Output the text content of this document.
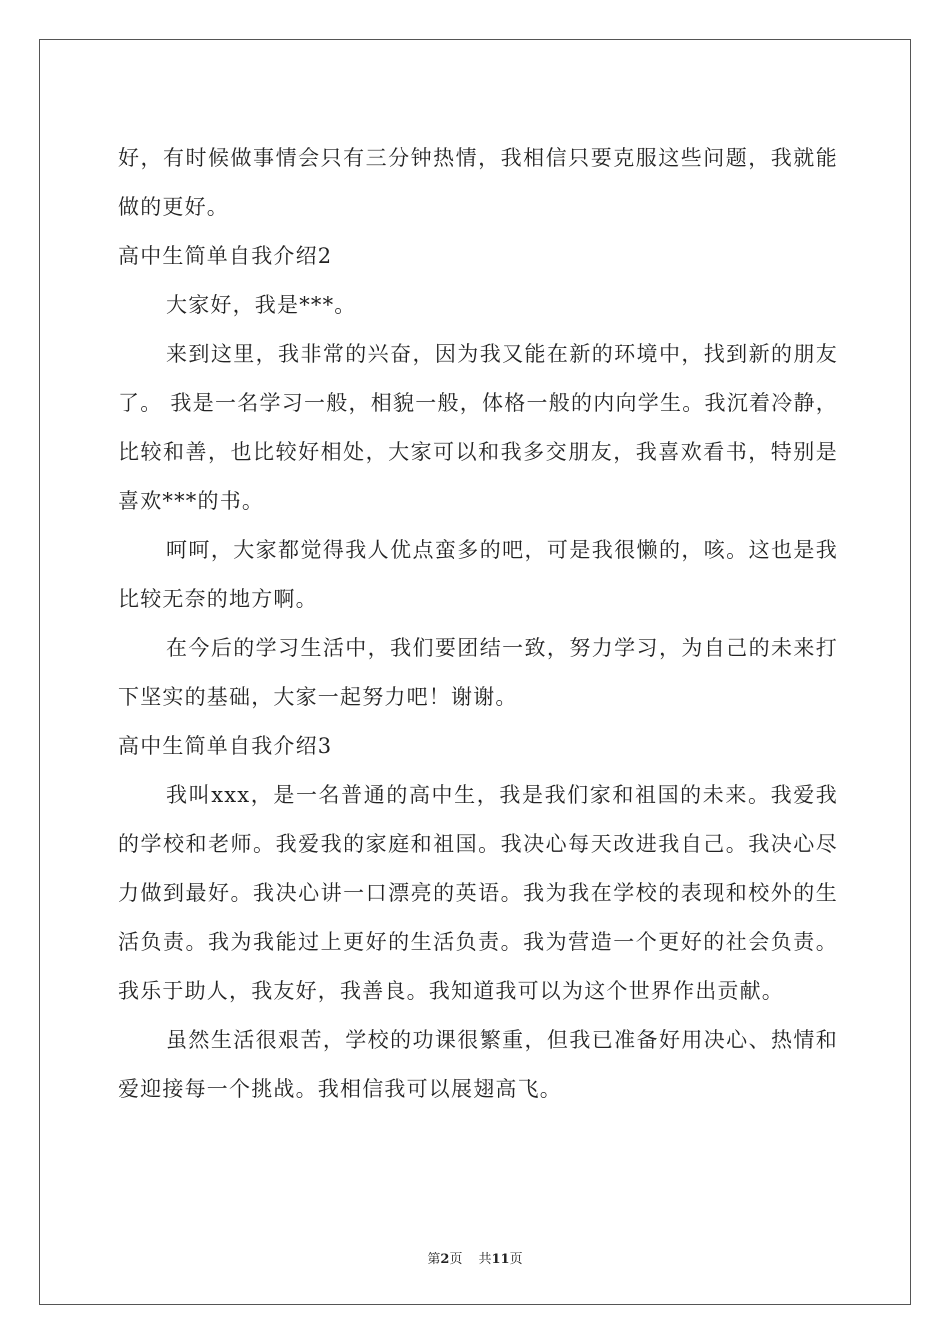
好，有时候做事情会只有三分钟热情，我相信只要克服这些问题，我就能做的更好。

高中生简单自我介绍2

大家好，我是***。

来到这里，我非常的兴奋，因为我又能在新的环境中，找到新的朋友了。 我是一名学习一般，相貌一般，体格一般的内向学生。我沉着冷静，比较和善，也比较好相处，大家可以和我多交朋友，我喜欢看书，特别是喜欢***的书。

呵呵，大家都觉得我人优点蛮多的吧，可是我很懒的，咳。这也是我比较无奈的地方啊。

在今后的学习生活中，我们要团结一致，努力学习，为自己的未来打下坚实的基础，大家一起努力吧！谢谢。

高中生简单自我介绍3

我叫xxx，是一名普通的高中生，我是我们家和祖国的未来。我爱我的学校和老师。我爱我的家庭和祖国。我决心每天改进我自己。我决心尽力做到最好。我决心讲一口漂亮的英语。我为我在学校的表现和校外的生活负责。我为我能过上更好的生活负责。我为营造一个更好的社会负责。我乐于助人，我友好，我善良。我知道我可以为这个世界作出贡献。

虽然生活很艰苦，学校的功课很繁重，但我已准备好用决心、热情和爱迎接每一个挑战。我相信我可以展翅高飞。

第2页 共11页
